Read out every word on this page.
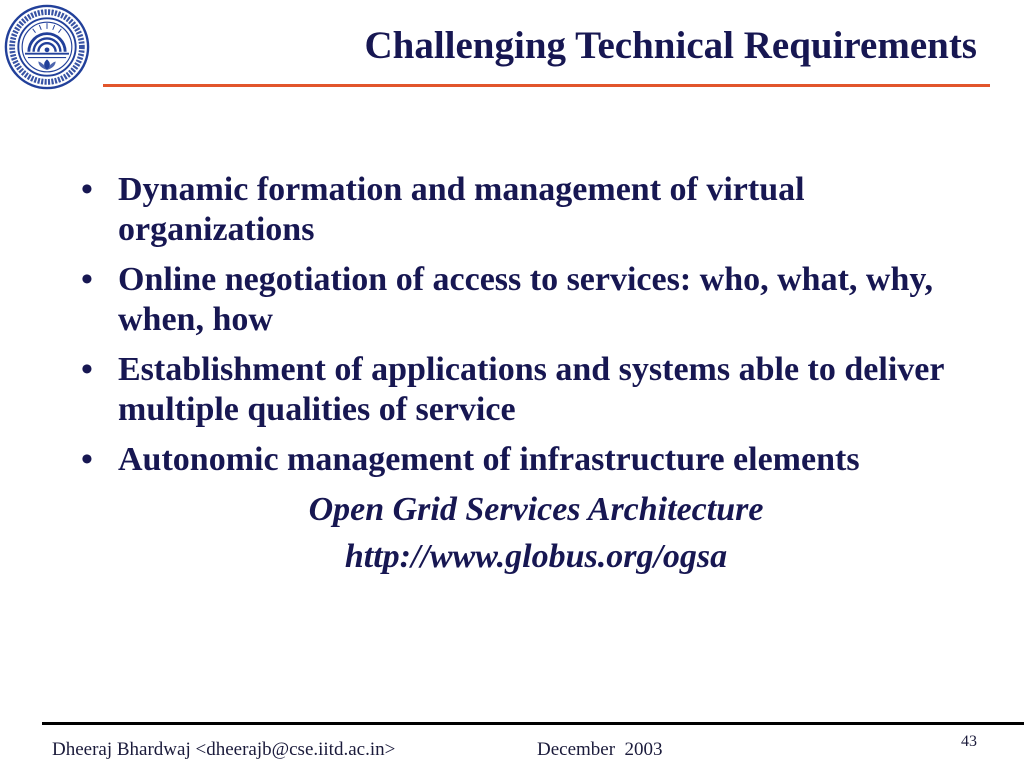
Challenging Technical Requirements
• Dynamic formation and management of virtual organizations
• Online negotiation of access to services: who, what, why, when, how
• Establishment of applications and systems able to deliver multiple qualities of service
• Autonomic management of infrastructure elements
Open Grid Services Architecture
http://www.globus.org/ogsa
Dheeraj Bhardwaj <dheerajb@cse.iitd.ac.in>	December  2003	43
